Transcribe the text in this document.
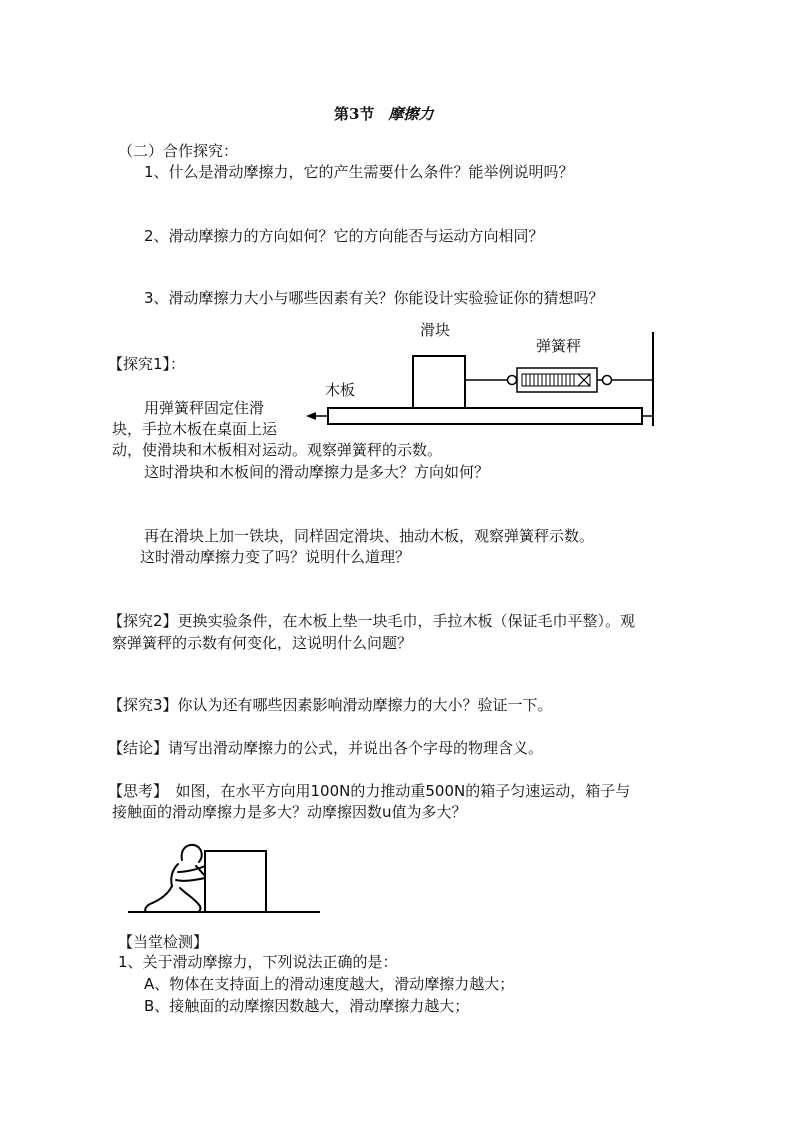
第3节 摩擦力
（二）合作探究：
1、什么是滑动摩擦力，它的产生需要什么条件？能举例说明吗？
2、滑动摩擦力的方向如何？它的方向能否与运动方向相同？
3、滑动摩擦力大小与哪些因素有关？你能设计实验验证你的猜想吗？
滑块
弹簧秤
木板
【探究1】：
用弹簧秤固定住滑
块，手拉木板在桌面上运
动，使滑块和木板相对运动。观察弹簧秤的示数。
这时滑块和木板间的滑动摩擦力是多大？方向如何？
再在滑块上加一铁块，同样固定滑块、抽动木板，观察弹簧秤示数。
这时滑动摩擦力变了吗？说明什么道理？
【探究2】更换实验条件，在木板上垫一块毛巾，手拉木板（保证毛巾平整）。观
察弹簧秤的示数有何变化，这说明什么问题？
【探究3】你认为还有哪些因素影响滑动摩擦力的大小？验证一下。
【结论】请写出滑动摩擦力的公式，并说出各个字母的物理含义。
【思考】　如图，在水平方向用100N的力推动重500N的箱子匀速运动，箱子与
接触面的滑动摩擦力是多大？动摩擦因数u值为多大？
【当堂检测】
1、关于滑动摩擦力，下列说法正确的是：
A、物体在支持面上的滑动速度越大，滑动摩擦力越大；
B、接触面的动摩擦因数越大，滑动摩擦力越大；
